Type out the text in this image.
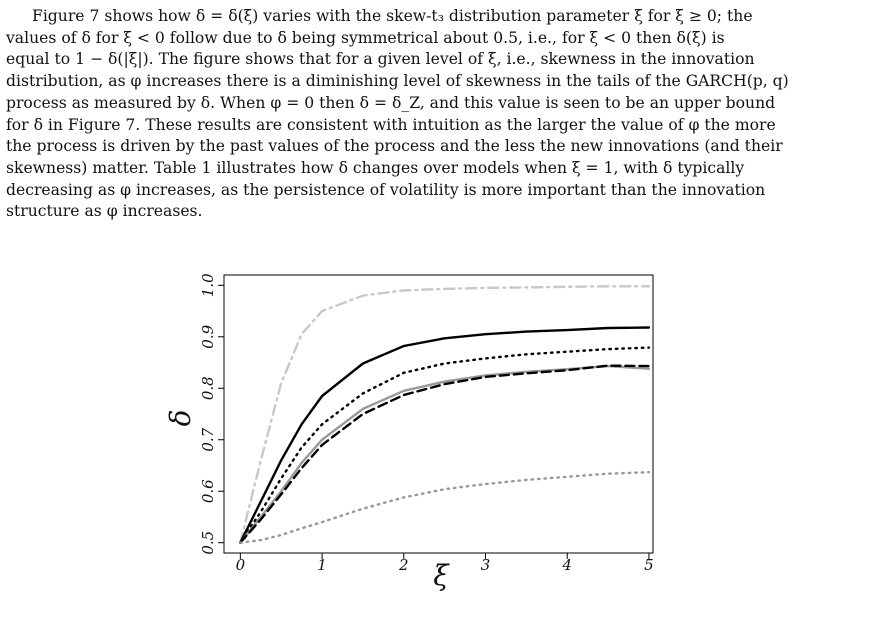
Figure 7 shows how δ = δ(ξ) varies with the skew-t₃ distribution parameter ξ for ξ ≥ 0; the
values of δ for ξ < 0 follow due to δ being symmetrical about 0.5, i.e., for ξ < 0 then δ(ξ) is
equal to 1 − δ(|ξ|). The figure shows that for a given level of ξ, i.e., skewness in the innovation
distribution, as φ increases there is a diminishing level of skewness in the tails of the GARCH(p, q)
process as measured by δ. When φ = 0 then δ = δ_Z, and this value is seen to be an upper bound
for δ in Figure 7. These results are consistent with intuition as the larger the value of φ the more
the process is driven by the past values of the process and the less the new innovations (and their
skewness) matter. Table 1 illustrates how δ changes over models when ξ = 1, with δ typically
decreasing as φ increases, as the persistence of volatility is more important than the innovation
structure as φ increases.

0	1	2	3	4	5
0.5
0.6
0.7
0.8
0.9
1.0
ξ
δ
